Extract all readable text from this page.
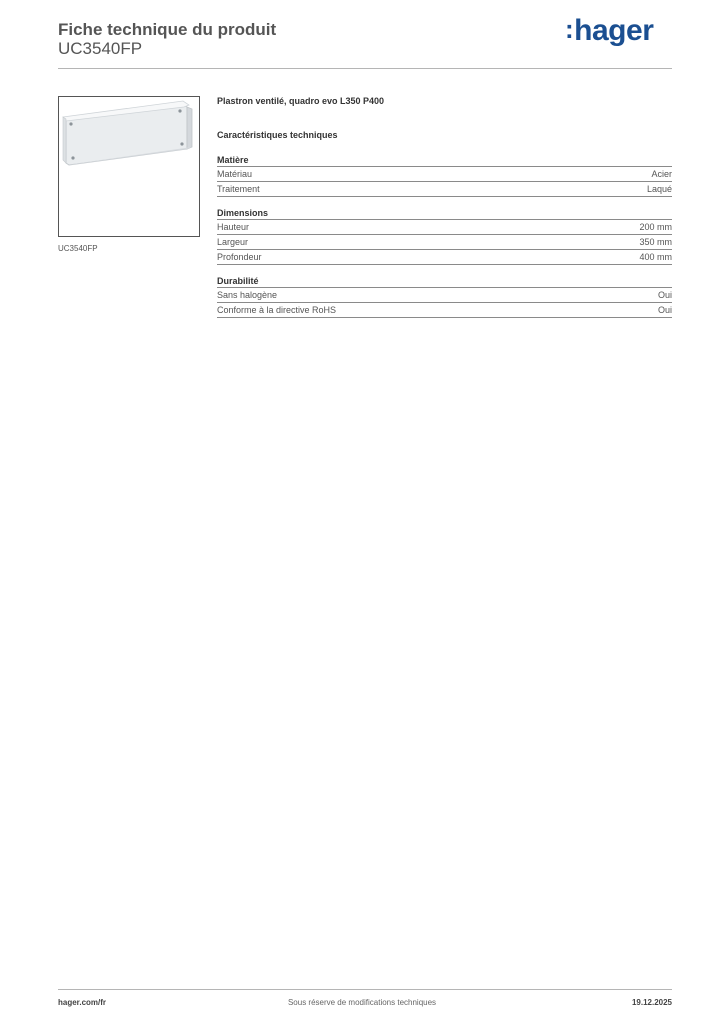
Fiche technique du produit
UC3540FP
:hager
UC3540FP
Plastron ventilé, quadro evo L350 P400
Caractéristiques techniques
Matière
Matériau	Acier
Traitement	Laqué
Dimensions
Hauteur	200 mm
Largeur	350 mm
Profondeur	400 mm
Durabilité
Sans halogène	Oui
Conforme à la directive RoHS	Oui
hager.com/fr	Sous réserve de modifications techniques	19.12.2025
